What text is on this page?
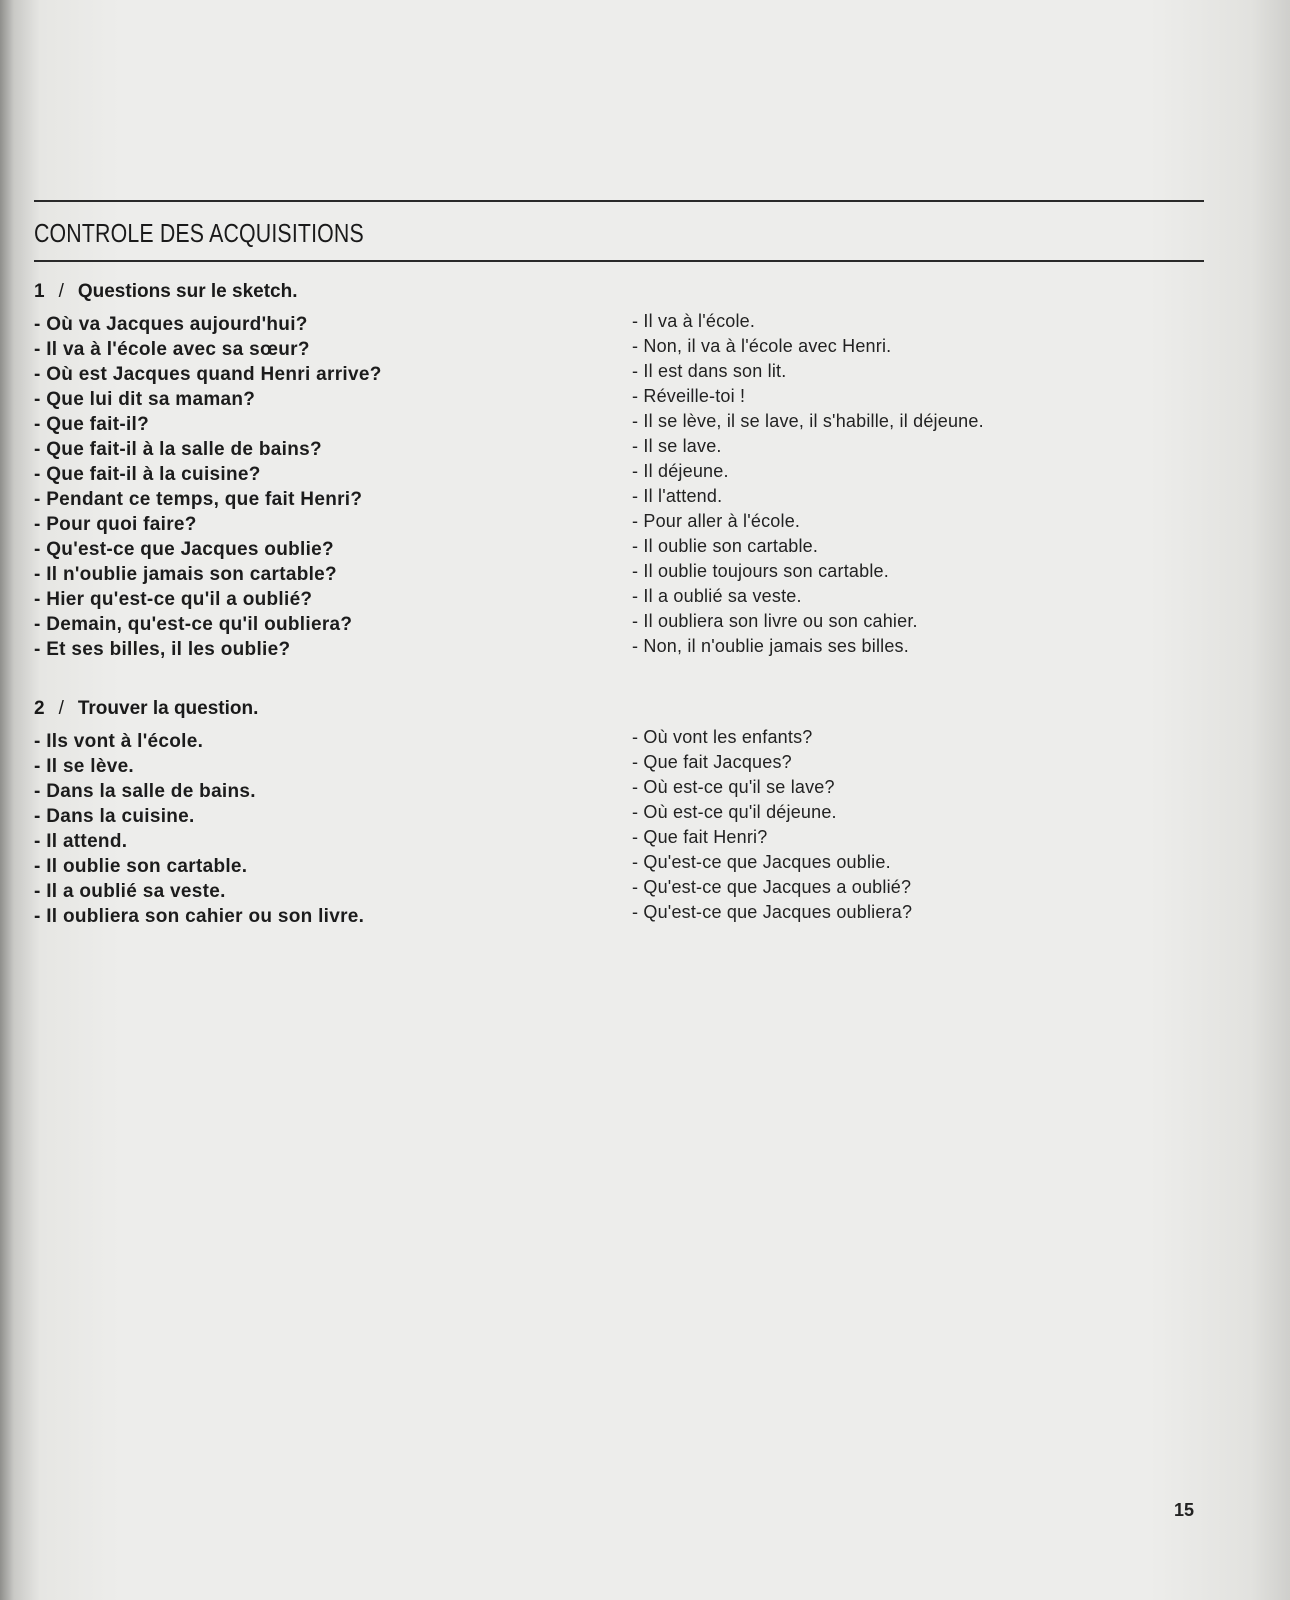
CONTROLE DES ACQUISITIONS
1 / Questions sur le sketch.
- Où va Jacques aujourd'hui?
- Il va à l'école avec sa sœur?
- Où est Jacques quand Henri arrive?
- Que lui dit sa maman?
- Que fait-il?
- Que fait-il à la salle de bains?
- Que fait-il à la cuisine?
- Pendant ce temps, que fait Henri?
- Pour quoi faire?
- Qu'est-ce que Jacques oublie?
- Il n'oublie jamais son cartable?
- Hier qu'est-ce qu'il a oublié?
- Demain, qu'est-ce qu'il oubliera?
- Et ses billes, il les oublie?
- Il va à l'école.
- Non, il va à l'école avec Henri.
- Il est dans son lit.
- Réveille-toi !
- Il se lève, il se lave, il s'habille, il déjeune.
- Il se lave.
- Il déjeune.
- Il l'attend.
- Pour aller à l'école.
- Il oublie son cartable.
- Il oublie toujours son cartable.
- Il a oublié sa veste.
- Il oubliera son livre ou son cahier.
- Non, il n'oublie jamais ses billes.
2 / Trouver la question.
- Ils vont à l'école.
- Il se lève.
- Dans la salle de bains.
- Dans la cuisine.
- Il attend.
- Il oublie son cartable.
- Il a oublié sa veste.
- Il oubliera son cahier ou son livre.
- Où vont les enfants?
- Que fait Jacques?
- Où est-ce qu'il se lave?
- Où est-ce qu'il déjeune.
- Que fait Henri?
- Qu'est-ce que Jacques oublie.
- Qu'est-ce que Jacques a oublié?
- Qu'est-ce que Jacques oubliera?
15
